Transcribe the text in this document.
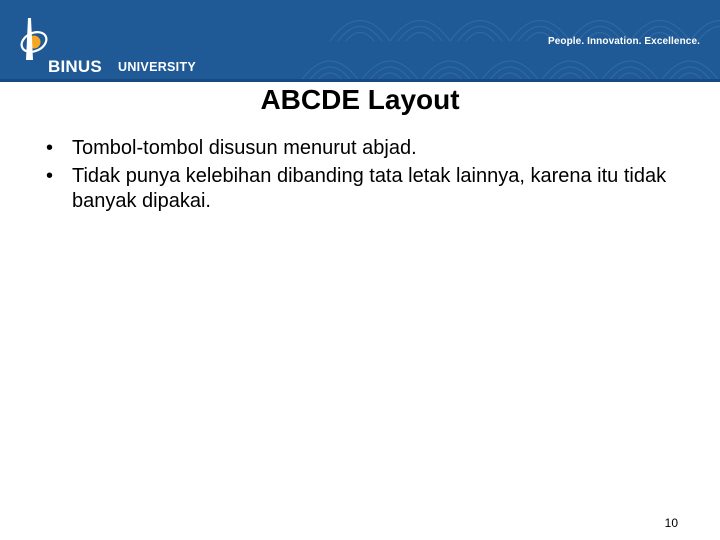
BINUS UNIVERSITY
People. Innovation. Excellence.
ABCDE Layout
• Tombol-tombol disusun menurut abjad.
• Tidak punya kelebihan dibanding tata letak lainnya, karena itu tidak banyak dipakai.
10
